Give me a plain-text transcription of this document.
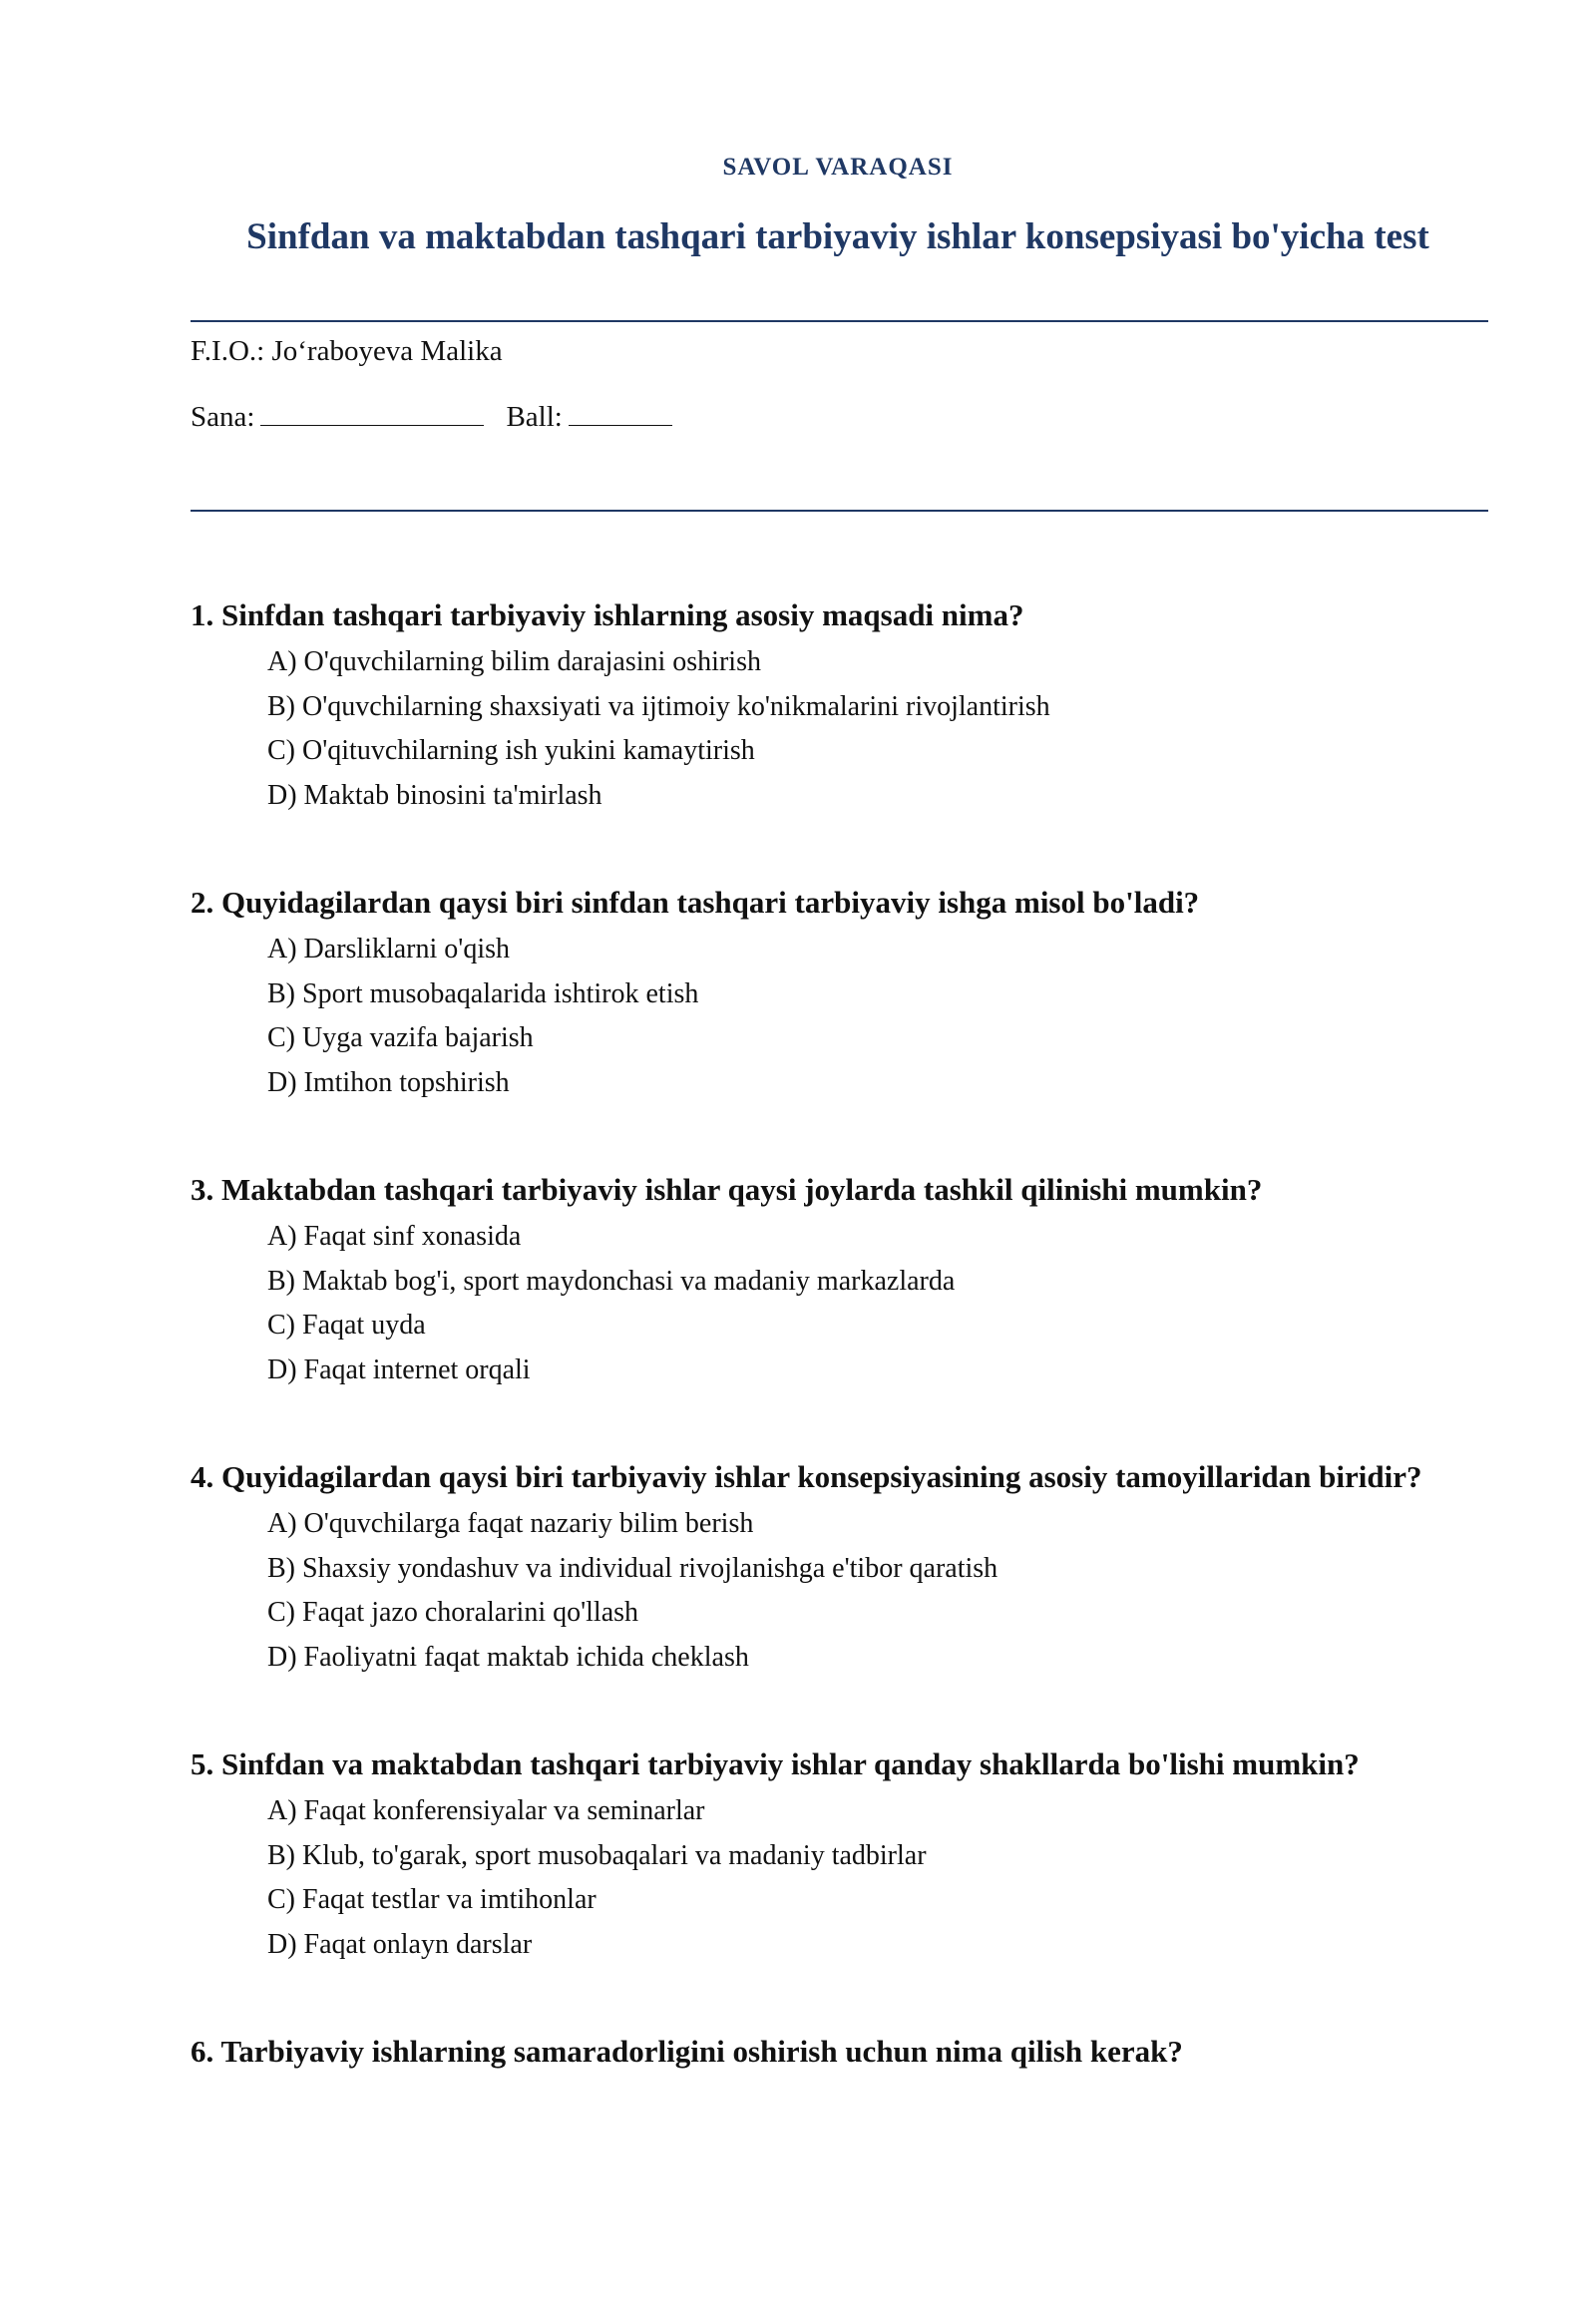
SAVOL VARAQASI
Sinfdan va maktabdan tashqari tarbiyaviy ishlar konsepsiyasi bo'yicha test
F.I.O.: Jo‘raboyeva Malika
Sana:	Ball:
1. Sinfdan tashqari tarbiyaviy ishlarning asosiy maqsadi nima?
A) O'quvchilarning bilim darajasini oshirish
B) O'quvchilarning shaxsiyati va ijtimoiy ko'nikmalarini rivojlantirish
C) O'qituvchilarning ish yukini kamaytirish
D) Maktab binosini ta'mirlash
2. Quyidagilardan qaysi biri sinfdan tashqari tarbiyaviy ishga misol bo'ladi?
A) Darsliklarni o'qish
B) Sport musobaqalarida ishtirok etish
C) Uyga vazifa bajarish
D) Imtihon topshirish
3. Maktabdan tashqari tarbiyaviy ishlar qaysi joylarda tashkil qilinishi mumkin?
A) Faqat sinf xonasida
B) Maktab bog'i, sport maydonchasi va madaniy markazlarda
C) Faqat uyda
D) Faqat internet orqali
4. Quyidagilardan qaysi biri tarbiyaviy ishlar konsepsiyasining asosiy tamoyillaridan biridir?
A) O'quvchilarga faqat nazariy bilim berish
B) Shaxsiy yondashuv va individual rivojlanishga e'tibor qaratish
C) Faqat jazo choralarini qo'llash
D) Faoliyatni faqat maktab ichida cheklash
5. Sinfdan va maktabdan tashqari tarbiyaviy ishlar qanday shakllarda bo'lishi mumkin?
A) Faqat konferensiyalar va seminarlar
B) Klub, to'garak, sport musobaqalari va madaniy tadbirlar
C) Faqat testlar va imtihonlar
D) Faqat onlayn darslar
6. Tarbiyaviy ishlarning samaradorligini oshirish uchun nima qilish kerak?
